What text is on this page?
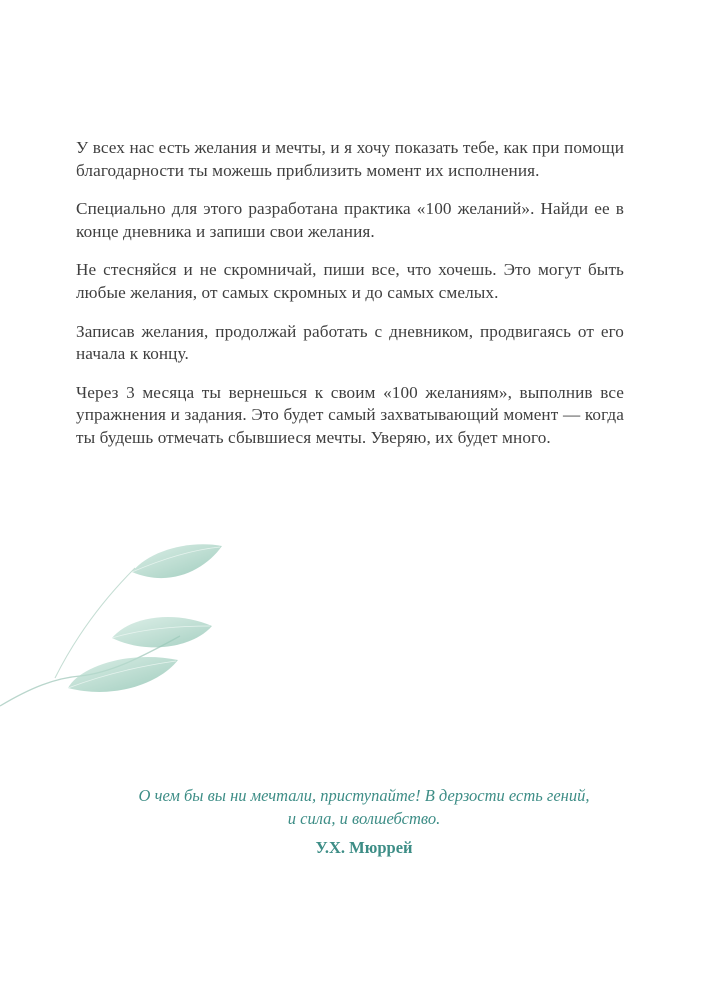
У всех нас есть желания и мечты, и я хочу показать тебе, как при помощи благодарности ты можешь приблизить момент их исполнения.

Специально для этого разработана практика «100 желаний». Найди ее в конце дневника и запиши свои желания.

Не стесняйся и не скромничай, пиши все, что хочешь. Это могут быть любые желания, от самых скромных и до самых смелых.

Записав желания, продолжай работать с дневником, продвигаясь от его начала к концу.

Через 3 месяца ты вернешься к своим «100 желаниям», выполнив все упражнения и задания. Это будет самый захватывающий момент — когда ты будешь отмечать сбывшиеся мечты. Уверяю, их будет много.

О чем бы вы ни мечтали, приступайте! В дерзости есть гений,
и сила, и волшебство.
У.Х. Мюррей
